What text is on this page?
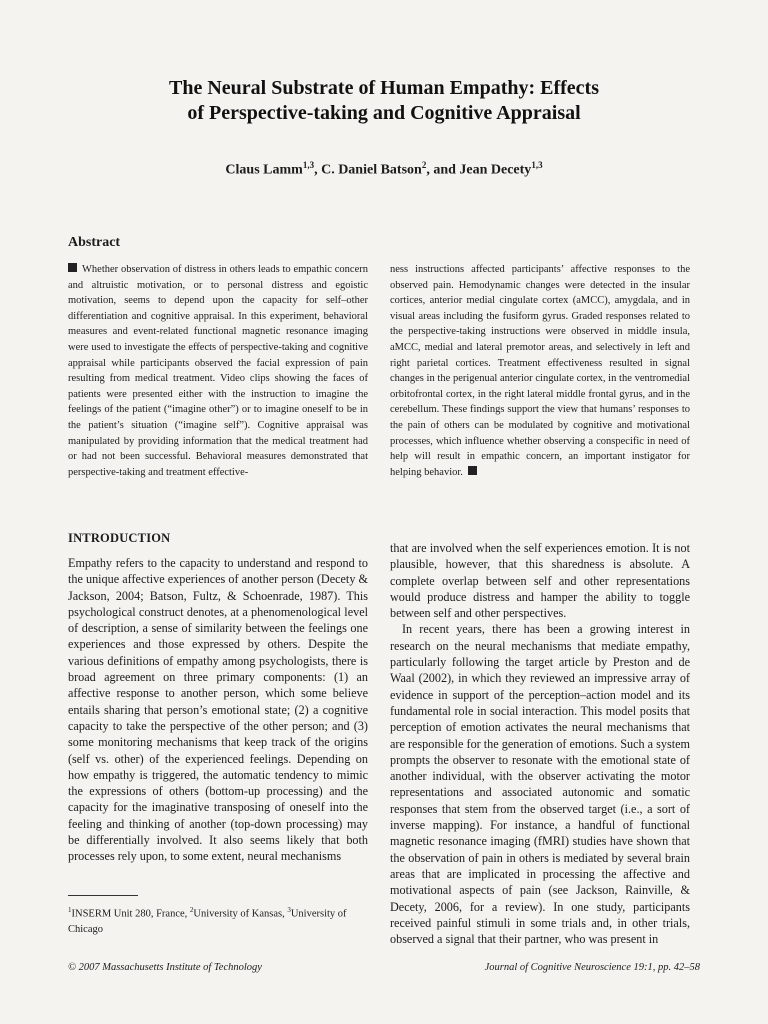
The Neural Substrate of Human Empathy: Effects
of Perspective-taking and Cognitive Appraisal

Claus Lamm$^{1,3}$, C. Daniel Batson$^2$, and Jean Decety$^{1,3}$

Abstract

Whether observation of distress in others leads to empathic concern and altruistic motivation, or to personal distress and egoistic motivation, seems to depend upon the capacity for self–other differentiation and cognitive appraisal. In this experiment, behavioral measures and event-related functional magnetic resonance imaging were used to investigate the effects of perspective-taking and cognitive appraisal while participants observed the facial expression of pain resulting from medical treatment. Video clips showing the faces of patients were presented either with the instruction to imagine the feelings of the patient (“imagine other”) or to imagine oneself to be in the patient’s situation (“imagine self”). Cognitive appraisal was manipulated by providing information that the medical treatment had or had not been successful. Behavioral measures demonstrated that perspective-taking and treatment effective-

ness instructions affected participants’ affective responses to the observed pain. Hemodynamic changes were detected in the insular cortices, anterior medial cingulate cortex (aMCC), amygdala, and in visual areas including the fusiform gyrus. Graded responses related to the perspective-taking instructions were observed in middle insula, aMCC, medial and lateral premotor areas, and selectively in left and right parietal cortices. Treatment effectiveness resulted in signal changes in the perigenual anterior cingulate cortex, in the ventromedial orbitofrontal cortex, in the right lateral middle frontal gyrus, and in the cerebellum. These findings support the view that humans’ responses to the pain of others can be modulated by cognitive and motivational processes, which influence whether observing a conspecific in need of help will result in empathic concern, an important instigator for helping behavior.

INTRODUCTION

Empathy refers to the capacity to understand and respond to the unique affective experiences of another person (Decety & Jackson, 2004; Batson, Fultz, & Schoenrade, 1987). This psychological construct denotes, at a phenomenological level of description, a sense of similarity between the feelings one experiences and those expressed by others. Despite the various definitions of empathy among psychologists, there is broad agreement on three primary components: (1) an affective response to another person, which some believe entails sharing that person’s emotional state; (2) a cognitive capacity to take the perspective of the other person; and (3) some monitoring mechanisms that keep track of the origins (self vs. other) of the experienced feelings. Depending on how empathy is triggered, the automatic tendency to mimic the expressions of others (bottom-up processing) and the capacity for the imaginative transposing of oneself into the feeling and thinking of another (top-down processing) may be differentially involved. It also seems likely that both processes rely upon, to some extent, neural mechanisms

that are involved when the self experiences emotion. It is not plausible, however, that this sharedness is absolute. A complete overlap between self and other representations would produce distress and hamper the ability to toggle between self and other perspectives.

In recent years, there has been a growing interest in research on the neural mechanisms that mediate empathy, particularly following the target article by Preston and de Waal (2002), in which they reviewed an impressive array of evidence in support of the perception–action model and its fundamental role in social interaction. This model posits that perception of emotion activates the neural mechanisms that are responsible for the generation of emotions. Such a system prompts the observer to resonate with the emotional state of another individual, with the observer activating the motor representations and associated autonomic and somatic responses that stem from the observed target (i.e., a sort of inverse mapping). For instance, a handful of functional magnetic resonance imaging (fMRI) studies have shown that the observation of pain in others is mediated by several brain areas that are implicated in processing the affective and motivational aspects of pain (see Jackson, Rainville, & Decety, 2006, for a review). In one study, participants received painful stimuli in some trials and, in other trials, observed a signal that their partner, who was present in

$^1$INSERM Unit 280, France, $^2$University of Kansas, $^3$University of Chicago

© 2007 Massachusetts Institute of Technology	Journal of Cognitive Neuroscience 19:1, pp. 42–58
